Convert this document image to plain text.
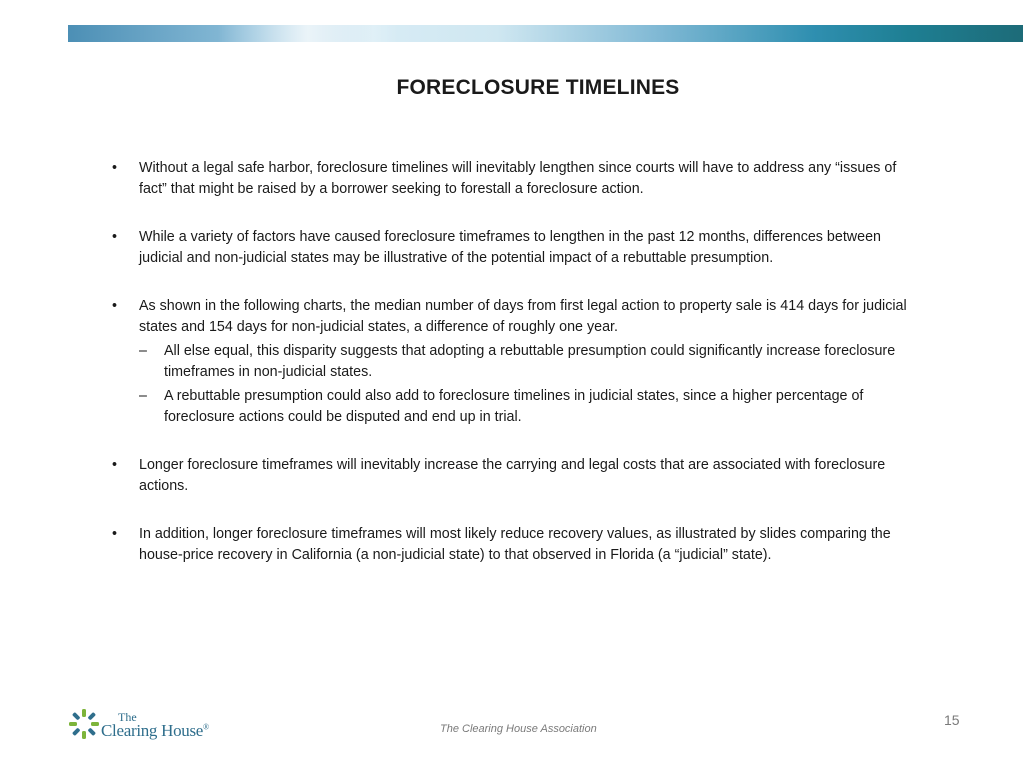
FORECLOSURE TIMELINES
• Without a legal safe harbor, foreclosure timelines will inevitably lengthen since courts will have to address any “issues of fact” that might be raised by a borrower seeking to forestall a foreclosure action.
• While a variety of factors have caused foreclosure timeframes to lengthen in the past 12 months, differences between judicial and non-judicial states may be illustrative of the potential impact of a rebuttable presumption.
• As shown in the following charts, the median number of days from first legal action to property sale is 414 days for judicial states and 154 days for non-judicial states, a difference of roughly one year.
– All else equal, this disparity suggests that adopting a rebuttable presumption could significantly increase foreclosure timeframes in non-judicial states.
– A rebuttable presumption could also add to foreclosure timelines in judicial states, since a higher percentage of foreclosure actions could be disputed and end up in trial.
• Longer foreclosure timeframes will inevitably increase the carrying and legal costs that are associated with foreclosure actions.
• In addition, longer foreclosure timeframes will most likely reduce recovery values, as illustrated by slides comparing the house-price recovery in California (a non-judicial state) to that observed in Florida (a “judicial” state).
The
Clearing House®	The Clearing House Association
15
